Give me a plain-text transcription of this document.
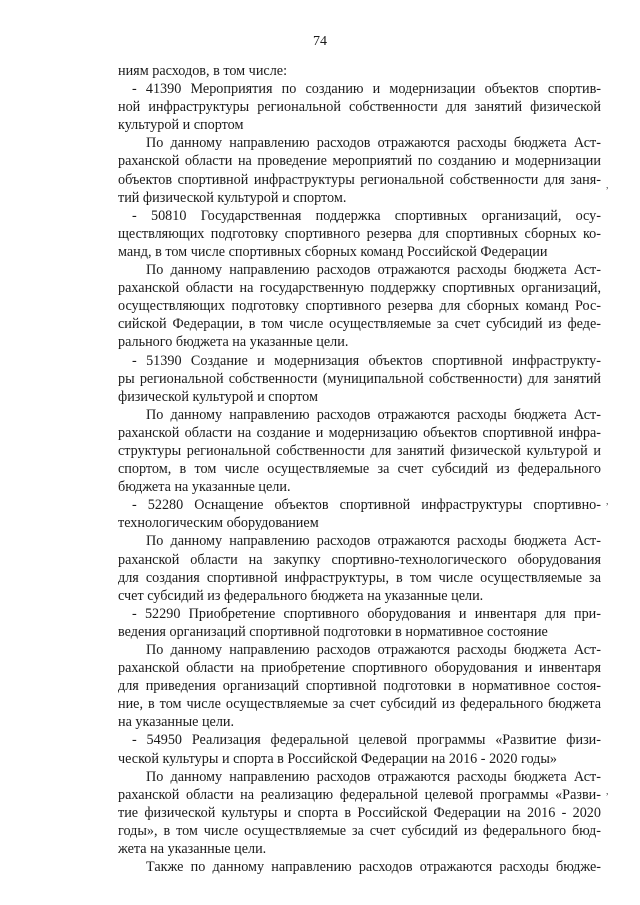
74
ниям расходов, в том числе:
- 41390 Мероприятия по созданию и модернизации объектов спортив-
ной инфраструктуры региональной собственности для занятий физической
культурой и спортом
По данному направлению расходов отражаются расходы бюджета Аст-
раханской области на проведение мероприятий по созданию и модернизации
объектов спортивной инфраструктуры региональной собственности для заня-
тий физической культурой и спортом.
- 50810 Государственная поддержка спортивных организаций, осу-
ществляющих подготовку спортивного резерва для спортивных сборных ко-
манд, в том числе спортивных сборных команд Российской Федерации
По данному направлению расходов отражаются расходы бюджета Аст-
раханской области на государственную поддержку спортивных организаций,
осуществляющих подготовку спортивного резерва для сборных команд Рос-
сийской Федерации, в том числе осуществляемые за счет субсидий из феде-
рального бюджета на указанные цели.
- 51390 Создание и модернизация объектов спортивной инфраструкту-
ры региональной собственности (муниципальной собственности) для занятий
физической культурой и спортом
По данному направлению расходов отражаются расходы бюджета Аст-
раханской области на создание и модернизацию объектов спортивной инфра-
структуры региональной собственности для занятий физической культурой и
спортом, в том числе осуществляемые за счет субсидий из федерального
бюджета на указанные цели.
- 52280 Оснащение объектов спортивной инфраструктуры спортивно-
технологическим оборудованием
По данному направлению расходов отражаются расходы бюджета Аст-
раханской области на закупку спортивно-технологического оборудования
для создания спортивной инфраструктуры, в том числе осуществляемые за
счет субсидий из федерального бюджета на указанные цели.
- 52290 Приобретение спортивного оборудования и инвентаря для при-
ведения организаций спортивной подготовки в нормативное состояние
По данному направлению расходов отражаются расходы бюджета Аст-
раханской области на приобретение спортивного оборудования и инвентаря
для приведения организаций спортивной подготовки в нормативное состоя-
ние, в том числе осуществляемые за счет субсидий из федерального бюджета
на указанные цели.
- 54950 Реализация федеральной целевой программы «Развитие физи-
ческой культуры и спорта в Российской Федерации на 2016 - 2020 годы»
По данному направлению расходов отражаются расходы бюджета Аст-
раханской области на реализацию федеральной целевой программы «Разви-
тие физической культуры и спорта в Российской Федерации на 2016 - 2020
годы», в том числе осуществляемые за счет субсидий из федерального бюд-
жета на указанные цели.
Также по данному направлению расходов отражаются расходы бюдже-
,
,
,
